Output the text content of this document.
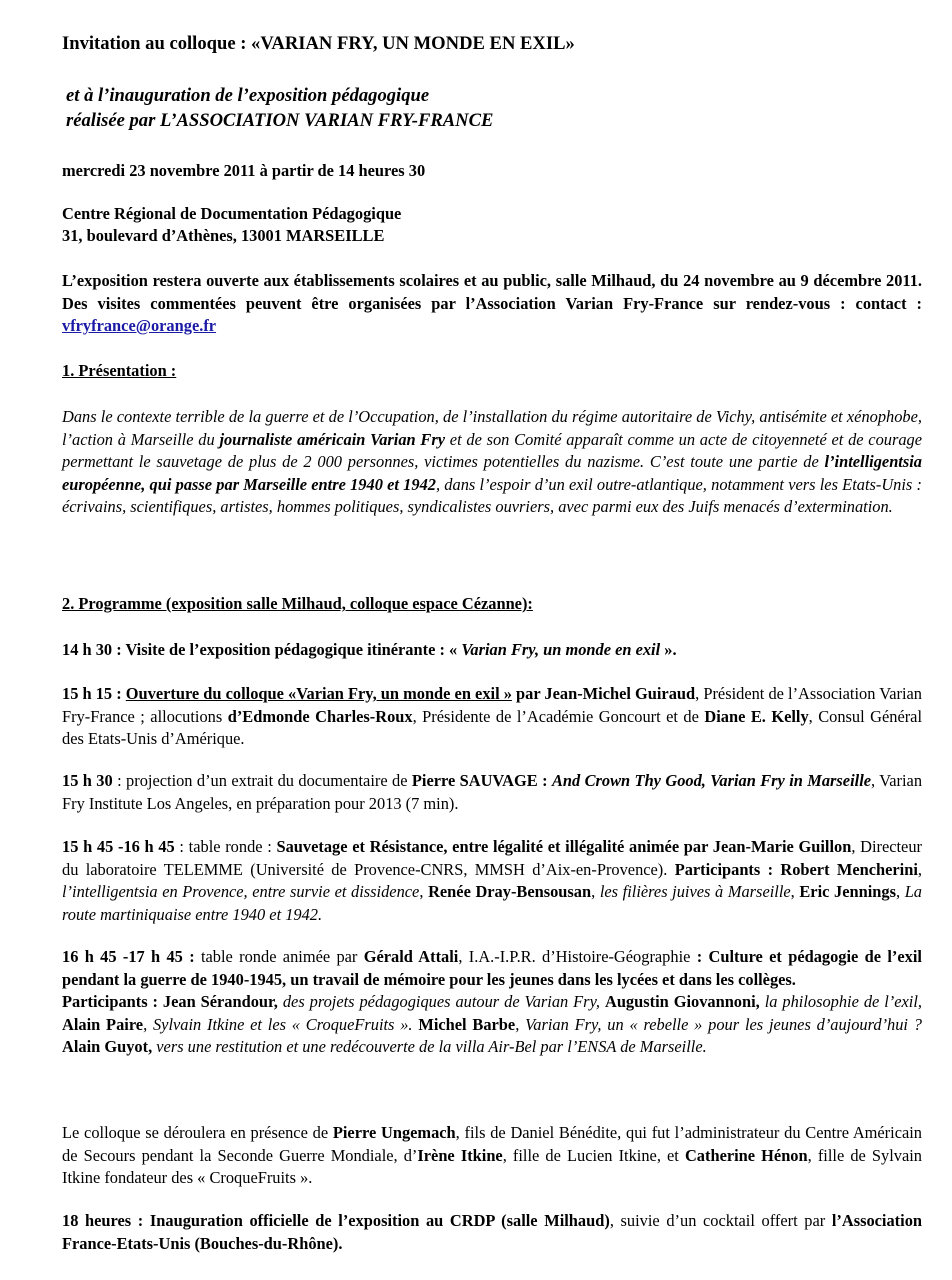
Invitation au colloque : «VARIAN FRY, UN MONDE EN EXIL»
et à l’inauguration de l’exposition pédagogique
réalisée par L’ASSOCIATION VARIAN FRY-FRANCE
mercredi 23 novembre 2011 à partir de 14 heures 30
Centre Régional de Documentation Pédagogique
31, boulevard d’Athènes, 13001 MARSEILLE
L’exposition restera ouverte aux établissements scolaires et au public, salle Milhaud, du 24 novembre au 9 décembre 2011. Des visites commentées peuvent être organisées par l’Association Varian Fry-France sur rendez-vous : contact : vfryfrance@orange.fr
1. Présentation :
Dans le contexte terrible de la guerre et de l’Occupation, de l’installation du régime autoritaire de Vichy, antisémite et xénophobe, l’action à Marseille du journaliste américain Varian Fry et de son Comité apparaît comme un acte de citoyenneté et de courage permettant le sauvetage de plus de 2 000 personnes, victimes potentielles du nazisme. C’est toute une partie de l’intelligentsia européenne, qui passe par Marseille entre 1940 et 1942, dans l’espoir d’un exil outre-atlantique, notamment vers les Etats-Unis : écrivains, scientifiques, artistes, hommes politiques, syndicalistes ouvriers, avec parmi eux des Juifs menacés d’extermination.
2. Programme (exposition salle Milhaud, colloque espace Cézanne):
14 h 30 : Visite de l’exposition pédagogique itinérante : « Varian Fry, un monde en exil ».
15 h 15 : Ouverture du colloque «Varian Fry, un monde en exil » par Jean-Michel Guiraud, Président de l’Association Varian Fry-France ; allocutions d’Edmonde Charles-Roux, Présidente de l’Académie Goncourt et de Diane E. Kelly, Consul Général des Etats-Unis d’Amérique.
15 h 30 : projection d’un extrait du documentaire de Pierre SAUVAGE : And Crown Thy Good, Varian Fry in Marseille, Varian Fry Institute Los Angeles, en préparation pour 2013 (7 min).
15 h 45 -16 h 45 : table ronde : Sauvetage et Résistance, entre légalité et illégalité animée par Jean-Marie Guillon, Directeur du laboratoire TELEMME (Université de Provence-CNRS, MMSH d’Aix-en-Provence). Participants : Robert Mencherini, l’intelligentsia en Provence, entre survie et dissidence, Renée Dray-Bensousan, les filières juives à Marseille, Eric Jennings, La route martiniquaise entre 1940 et 1942.
16 h 45 -17 h 45 : table ronde animée par Gérald Attali, I.A.-I.P.R. d’Histoire-Géographie : Culture et pédagogie de l’exil pendant la guerre de 1940-1945, un travail de mémoire pour les jeunes dans les lycées et dans les collèges.
Participants : Jean Sérandour, des projets pédagogiques autour de Varian Fry, Augustin Giovannoni, la philosophie de l’exil, Alain Paire, Sylvain Itkine et les « CroqueFruits ». Michel Barbe, Varian Fry, un « rebelle » pour les jeunes d’aujourd’hui ? Alain Guyot, vers une restitution et une redécouverte de la villa Air-Bel par l’ENSA de Marseille.
Le colloque se déroulera en présence de Pierre Ungemach, fils de Daniel Bénédite, qui fut l’administrateur du Centre Américain de Secours pendant la Seconde Guerre Mondiale, d’Irène Itkine, fille de Lucien Itkine, et Catherine Hénon, fille de Sylvain Itkine fondateur des « CroqueFruits ».
18 heures : Inauguration officielle de l’exposition au CRDP (salle Milhaud), suivie d’un cocktail offert par l’Association France-Etats-Unis (Bouches-du-Rhône).
